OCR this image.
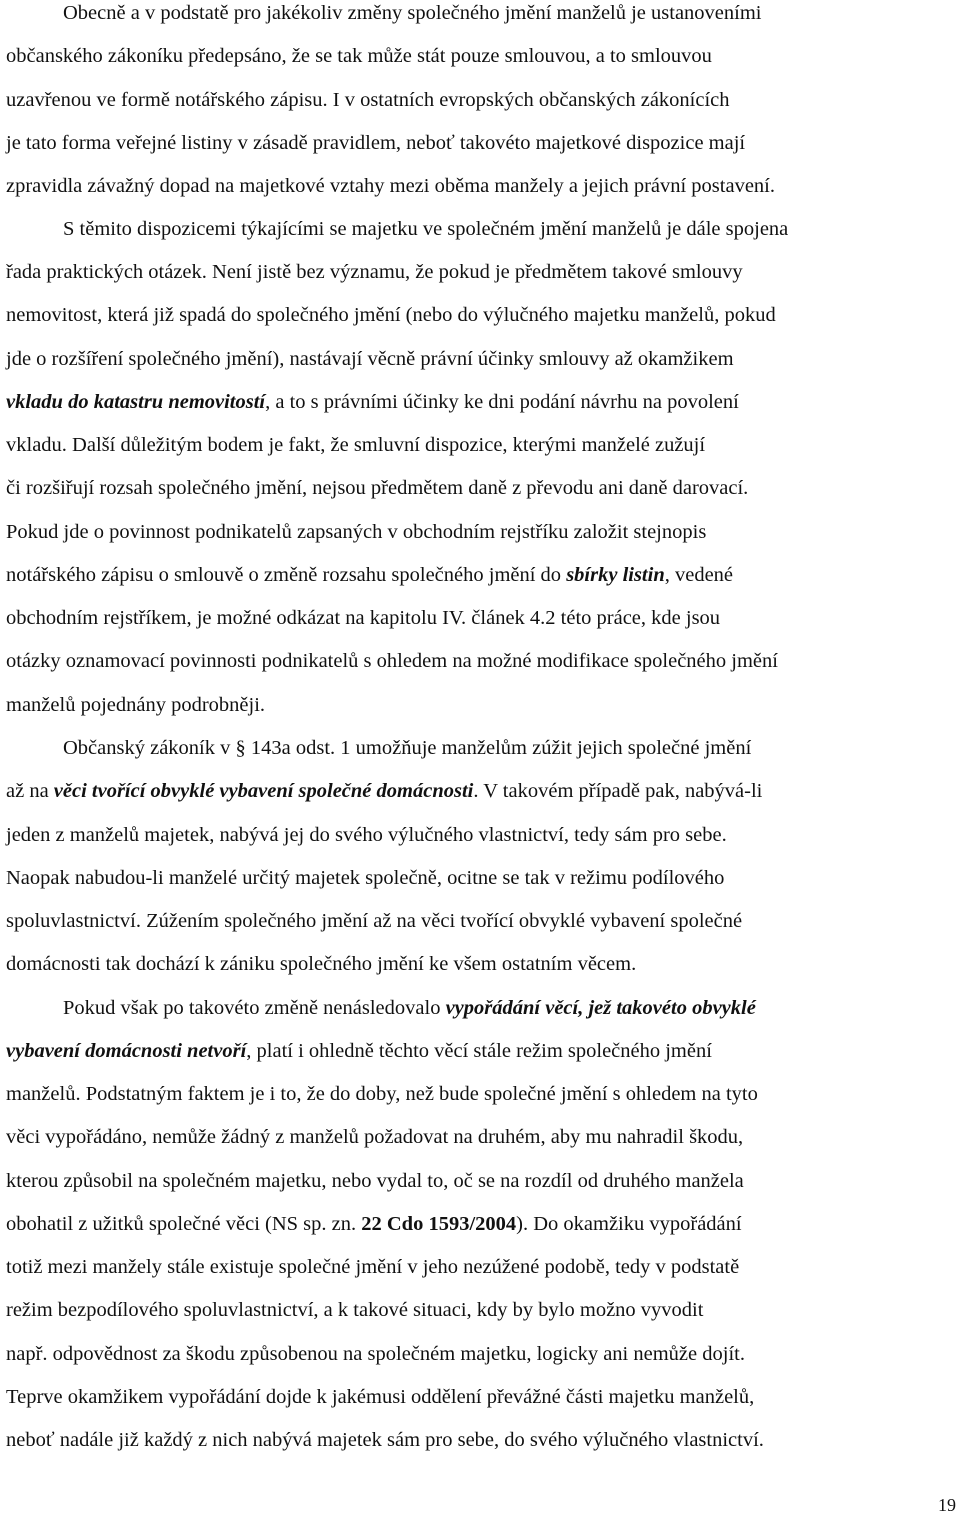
Obecně a v podstatě pro jakékoliv změny společného jmění manželů je ustanoveními
občanského zákoníku předepsáno, že se tak může stát pouze smlouvou, a to smlouvou
uzavřenou ve formě notářského zápisu. I v ostatních evropských občanských zákonících
je tato forma veřejné listiny v zásadě pravidlem, neboť takovéto majetkové dispozice mají
zpravidla závažný dopad na majetkové vztahy mezi oběma manžely a jejich právní postavení.
S těmito dispozicemi týkajícími se majetku ve společném jmění manželů je dále spojena
řada praktických otázek. Není jistě bez významu, že pokud je předmětem takové smlouvy
nemovitost, která již spadá do společného jmění (nebo do výlučného majetku manželů, pokud
jde o rozšíření společného jmění), nastávají věcně právní účinky smlouvy až okamžikem
vkladu do katastru nemovitostí, a to s právními účinky ke dni podání návrhu na povolení
vkladu. Další důležitým bodem je fakt, že smluvní dispozice, kterými manželé zužují
či rozšiřují rozsah společného jmění, nejsou předmětem daně z převodu ani daně darovací.
Pokud jde o povinnost podnikatelů zapsaných v obchodním rejstříku založit stejnopis
notářského zápisu o smlouvě o změně rozsahu společného jmění do sbírky listin, vedené
obchodním rejstříkem, je možné odkázat na kapitolu IV. článek 4.2 této práce, kde jsou
otázky oznamovací povinnosti podnikatelů s ohledem na možné modifikace společného jmění
manželů pojednány podrobněji.
Občanský zákoník v § 143a odst. 1 umožňuje manželům zúžit jejich společné jmění
až na věci tvořící obvyklé vybavení společné domácnosti. V takovém případě pak, nabývá-li
jeden z manželů majetek, nabývá jej do svého výlučného vlastnictví, tedy sám pro sebe.
Naopak nabudou-li manželé určitý majetek společně, ocitne se tak v režimu podílového
spoluvlastnictví. Zúžením společného jmění až na věci tvořící obvyklé vybavení společné
domácnosti tak dochází k zániku společného jmění ke všem ostatním věcem.
Pokud však po takovéto změně nenásledovalo vypořádání věcí, jež takovéto obvyklé
vybavení domácnosti netvoří, platí i ohledně těchto věcí stále režim společného jmění
manželů. Podstatným faktem je i to, že do doby, než bude společné jmění s ohledem na tyto
věci vypořádáno, nemůže žádný z manželů požadovat na druhém, aby mu nahradil škodu,
kterou způsobil na společném majetku, nebo vydal to, oč se na rozdíl od druhého manžela
obohatil z užitků společné věci (NS sp. zn. 22 Cdo 1593/2004). Do okamžiku vypořádání
totiž mezi manžely stále existuje společné jmění v jeho nezúžené podobě, tedy v podstatě
režim bezpodílového spoluvlastnictví, a k takové situaci, kdy by bylo možno vyvodit
např. odpovědnost za škodu způsobenou na společném majetku, logicky ani nemůže dojít.
Teprve okamžikem vypořádání dojde k jakémusi oddělení převážné části majetku manželů,
neboť nadále již každý z nich nabývá majetek sám pro sebe, do svého výlučného vlastnictví.
19
